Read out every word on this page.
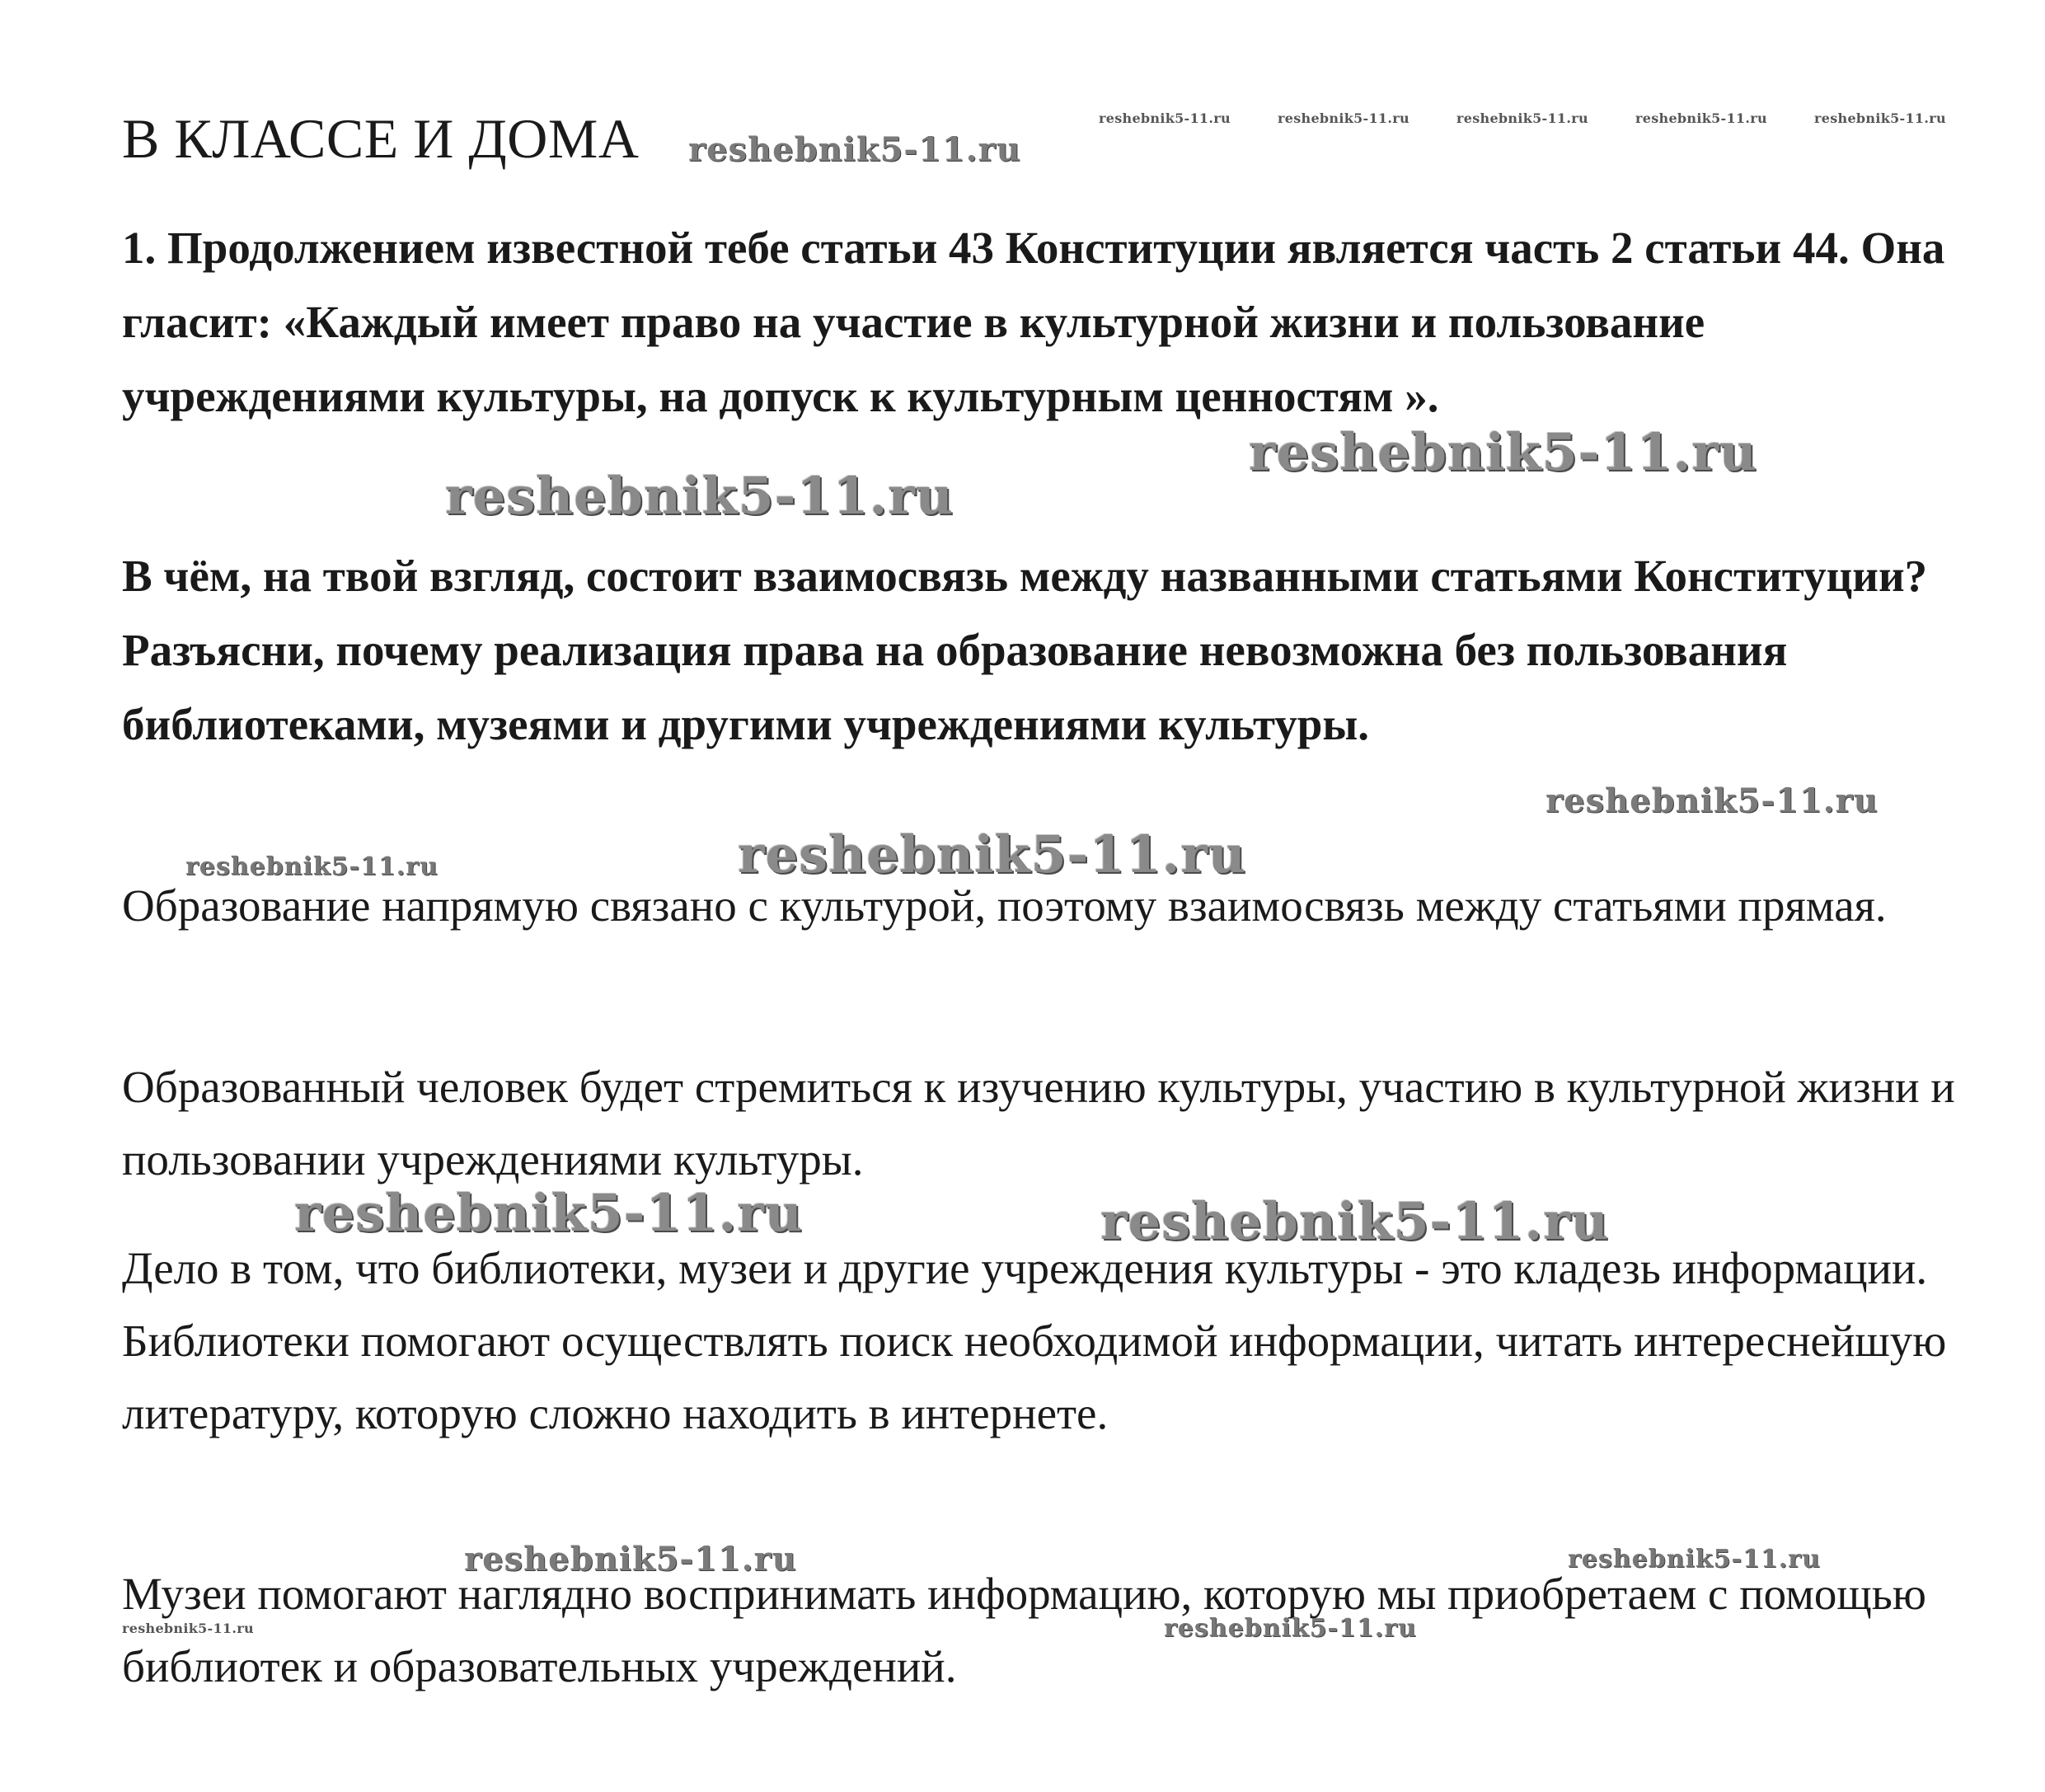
В КЛАССЕ И ДОМА

1. Продолжением известной тебе статьи 43 Конституции является часть 2 статьи 44. Она гласит: «Каждый имеет право на участие в культурной жизни и пользование учреждениями культуры, на допуск к культурным ценностям ».

В чём, на твой взгляд, состоит взаимосвязь между названными статьями Конституции? Разъясни, почему реализация права на образование невозможна без пользования библиотеками, музеями и другими учреждениями культуры.

Образование напрямую связано с культурой, поэтому взаимосвязь между статьями прямая.

Образованный человек будет стремиться к изучению культуры, участию в культурной жизни и пользовании учреждениями культуры.

Дело в том, что библиотеки, музеи и другие учреждения культуры - это кладезь информации. Библиотеки помогают осуществлять поиск необходимой информации, читать интереснейшую литературу, которую сложно находить в интернете.

Музеи помогают наглядно воспринимать информацию, которую мы приобретаем с помощью библиотек и образовательных учреждений.

reshebnik5-11.ru
reshebnik5-11.ru	reshebnik5-11.ru	reshebnik5-11.ru	reshebnik5-11.ru	reshebnik5-11.ru
reshebnik5-11.ru
reshebnik5-11.ru
reshebnik5-11.ru
reshebnik5-11.ru
reshebnik5-11.ru
reshebnik5-11.ru	reshebnik5-11.ru
reshebnik5-11.ru	reshebnik5-11.ru
reshebnik5-11.ru	reshebnik5-11.ru
